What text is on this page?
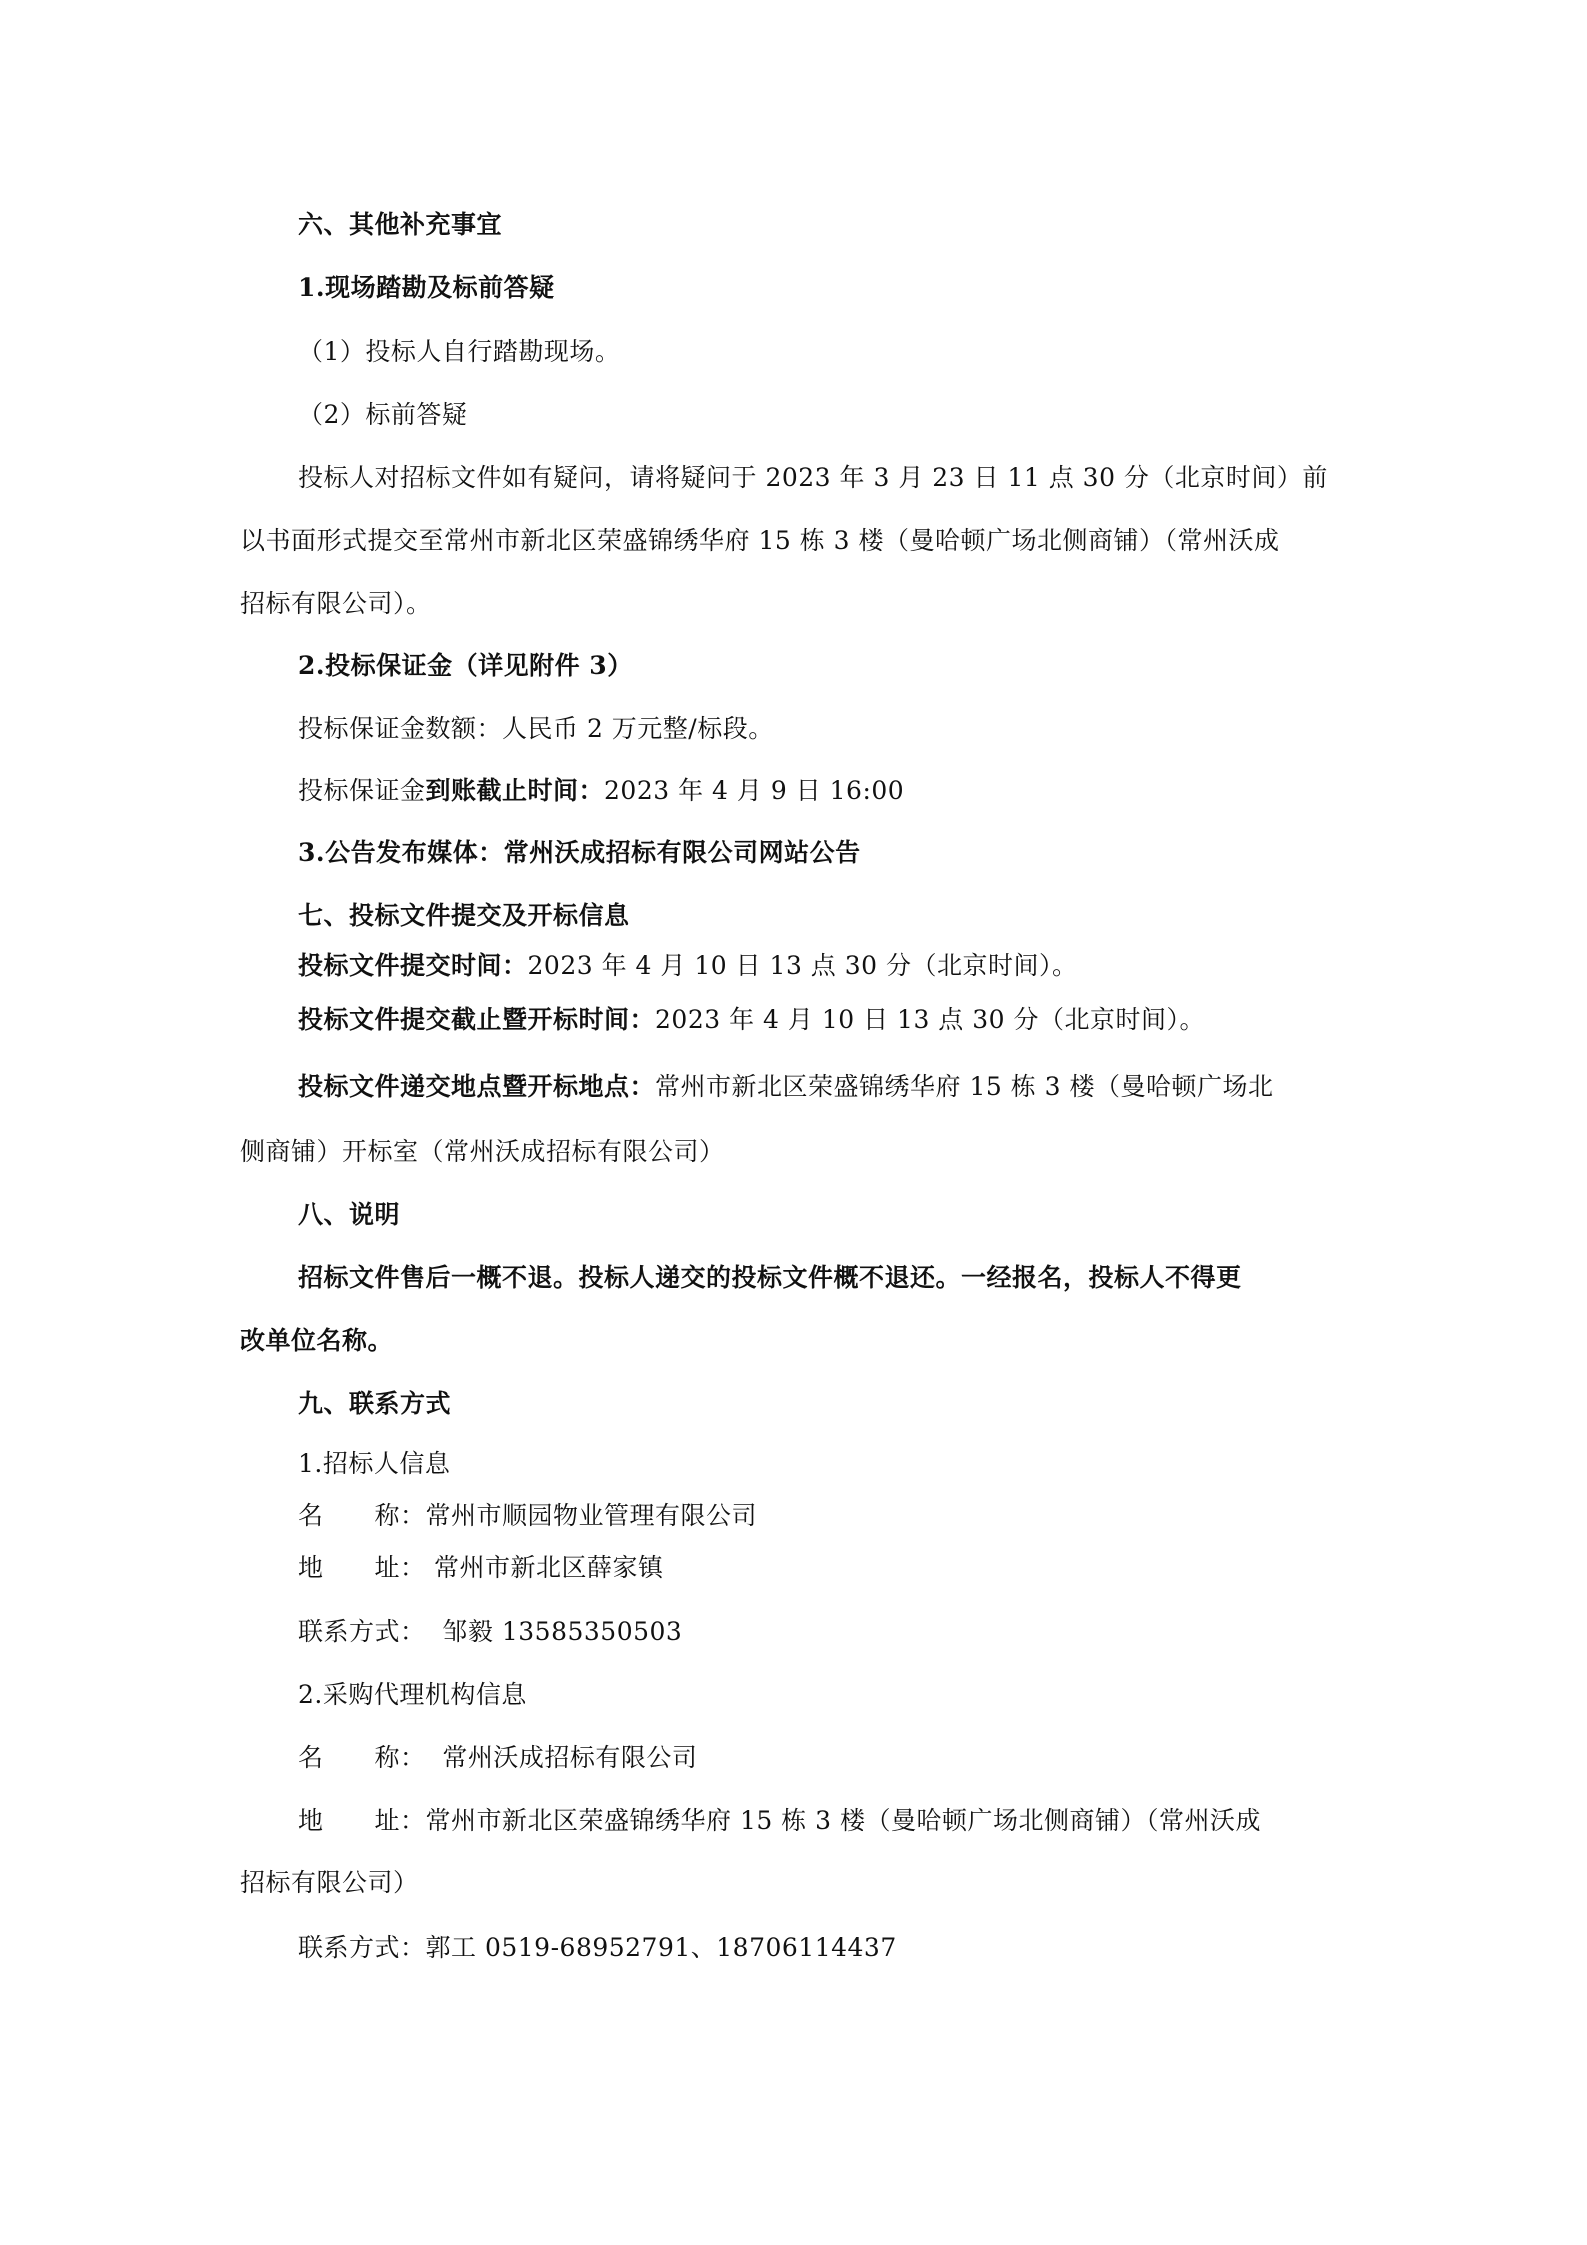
六、其他补充事宜
1.现场踏勘及标前答疑
（1）投标人自行踏勘现场。
（2）标前答疑
投标人对招标文件如有疑问，请将疑问于 2023 年 3 月 23 日 11 点 30 分（北京时间）前
以书面形式提交至常州市新北区荣盛锦绣华府 15 栋 3 楼（曼哈顿广场北侧商铺）（常州沃成
招标有限公司）。
2.投标保证金（详见附件 3）
投标保证金数额：人民币 2 万元整/标段。
投标保证金到账截止时间：2023 年 4 月 9 日 16:00
3.公告发布媒体：常州沃成招标有限公司网站公告
七、投标文件提交及开标信息
投标文件提交时间：2023 年 4 月 10 日 13 点 30 分（北京时间）。
投标文件提交截止暨开标时间：2023 年 4 月 10 日 13 点 30 分（北京时间）。
投标文件递交地点暨开标地点：常州市新北区荣盛锦绣华府 15 栋 3 楼（曼哈顿广场北
侧商铺）开标室（常州沃成招标有限公司）
八、说明
招标文件售后一概不退。投标人递交的投标文件概不退还。一经报名，投标人不得更
改单位名称。
九、联系方式
1.招标人信息
名　　称：常州市顺园物业管理有限公司
地　　址： 常州市新北区薛家镇
联系方式： 邹毅 13585350503
2.采购代理机构信息
名　　称： 常州沃成招标有限公司
地　　址：常州市新北区荣盛锦绣华府 15 栋 3 楼（曼哈顿广场北侧商铺）（常州沃成
招标有限公司）
联系方式：郭工 0519-68952791、18706114437
